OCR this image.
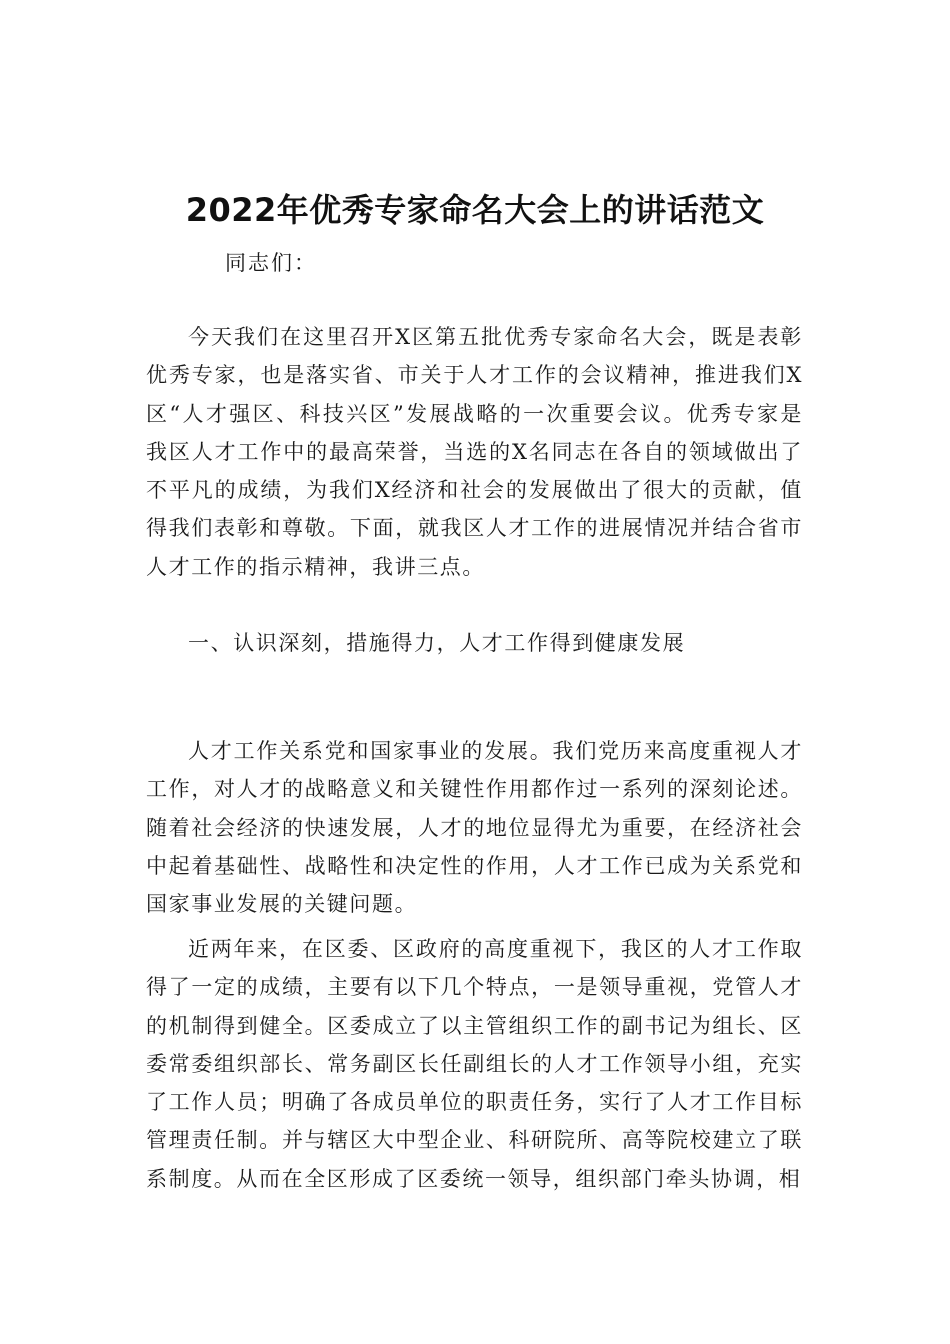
2022年优秀专家命名大会上的讲话范文
同志们：

今天我们在这里召开X区第五批优秀专家命名大会，既是表彰优秀专家，也是落实省、市关于人才工作的会议精神，推进我们X区“人才强区、科技兴区”发展战略的一次重要会议。优秀专家是我区人才工作中的最高荣誉，当选的X名同志在各自的领域做出了不平凡的成绩，为我们X经济和社会的发展做出了很大的贡献，值得我们表彰和尊敬。下面，就我区人才工作的进展情况并结合省市人才工作的指示精神，我讲三点。

一、认识深刻，措施得力，人才工作得到健康发展

人才工作关系党和国家事业的发展。我们党历来高度重视人才工作，对人才的战略意义和关键性作用都作过一系列的深刻论述。随着社会经济的快速发展，人才的地位显得尤为重要，在经济社会中起着基础性、战略性和决定性的作用，人才工作已成为关系党和国家事业发展的关键问题。

近两年来，在区委、区政府的高度重视下，我区的人才工作取得了一定的成绩，主要有以下几个特点，一是领导重视，党管人才的机制得到健全。区委成立了以主管组织工作的副书记为组长、区委常委组织部长、常务副区长任副组长的人才工作领导小组，充实了工作人员；明确了各成员单位的职责任务，实行了人才工作目标管理责任制。并与辖区大中型企业、科研院所、高等院校建立了联系制度。从而在全区形成了区委统一领导，组织部门牵头协调，相
